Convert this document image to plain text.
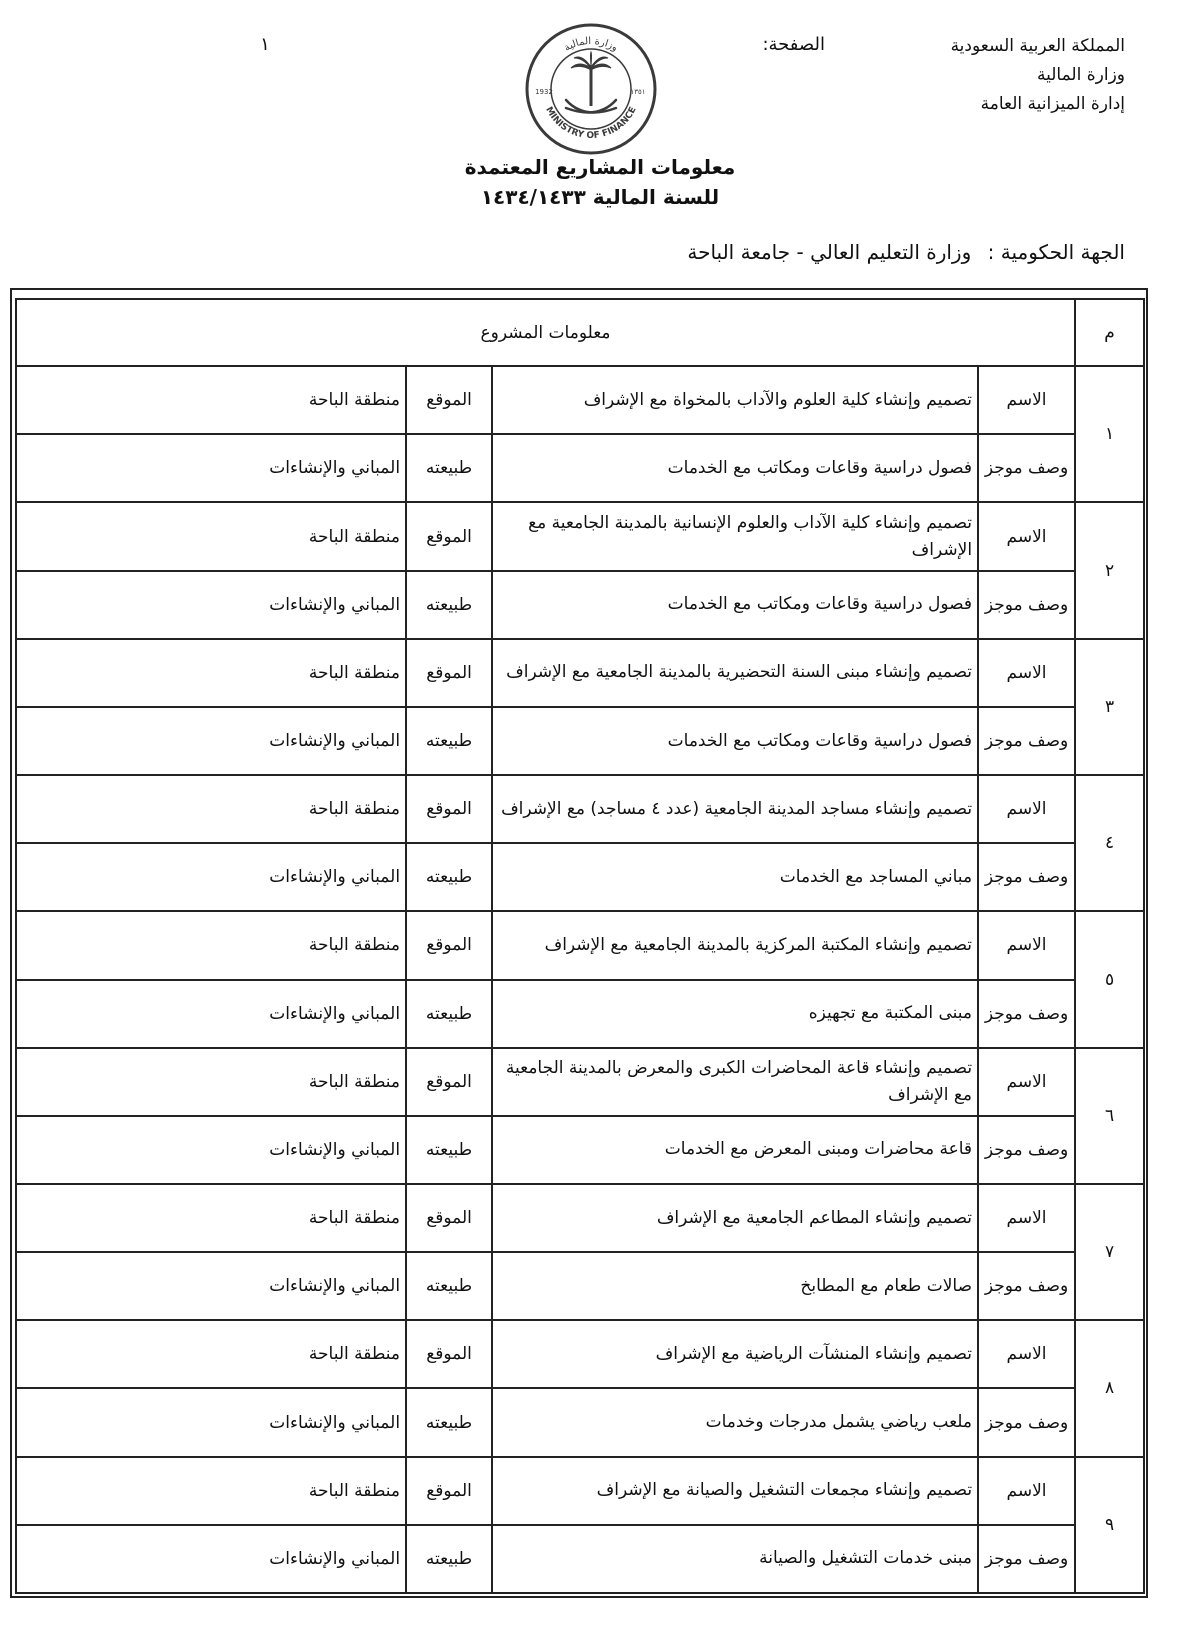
المملكة العربية السعودية
وزارة المالية
إدارة الميزانية العامة
الصفحة:
١	وزارة المالية
MINISTRY OF FINANCE
1932	١٣٥١
معلومات المشاريع المعتمدة
للسنة المالية ١٤٣٤/١٤٣٣
الجهة الحكومية : وزارة التعليم العالي - جامعة الباحة
م	معلومات المشروع			
١	الاسم	تصميم وإنشاء كلية العلوم والآداب بالمخواة مع الإشراف	الموقع	منطقة الباحة
	وصف موجز	فصول دراسية وقاعات ومكاتب مع الخدمات	طبيعته	المباني والإنشاءات
٢	الاسم	تصميم وإنشاء كلية الآداب والعلوم الإنسانية بالمدينة الجامعية مع الإشراف	الموقع	منطقة الباحة
	وصف موجز	فصول دراسية وقاعات ومكاتب مع الخدمات	طبيعته	المباني والإنشاءات
٣	الاسم	تصميم وإنشاء مبنى السنة التحضيرية بالمدينة الجامعية مع الإشراف	الموقع	منطقة الباحة
	وصف موجز	فصول دراسية وقاعات ومكاتب مع الخدمات	طبيعته	المباني والإنشاءات
٤	الاسم	تصميم وإنشاء مساجد المدينة الجامعية (عدد ٤ مساجد) مع الإشراف	الموقع	منطقة الباحة
	وصف موجز	مباني المساجد مع الخدمات	طبيعته	المباني والإنشاءات
٥	الاسم	تصميم وإنشاء المكتبة المركزية بالمدينة الجامعية مع الإشراف	الموقع	منطقة الباحة
	وصف موجز	مبنى المكتبة مع تجهيزه	طبيعته	المباني والإنشاءات
٦	الاسم	تصميم وإنشاء قاعة المحاضرات الكبرى والمعرض بالمدينة الجامعية مع الإشراف	الموقع	منطقة الباحة
	وصف موجز	قاعة محاضرات ومبنى المعرض مع الخدمات	طبيعته	المباني والإنشاءات
٧	الاسم	تصميم وإنشاء المطاعم الجامعية مع الإشراف	الموقع	منطقة الباحة
	وصف موجز	صالات طعام مع المطابخ	طبيعته	المباني والإنشاءات
٨	الاسم	تصميم وإنشاء المنشآت الرياضية مع الإشراف	الموقع	منطقة الباحة
	وصف موجز	ملعب رياضي يشمل مدرجات وخدمات	طبيعته	المباني والإنشاءات
٩	الاسم	تصميم وإنشاء مجمعات التشغيل والصيانة مع الإشراف	الموقع	منطقة الباحة
	وصف موجز	مبنى خدمات التشغيل والصيانة	طبيعته	المباني والإنشاءات
